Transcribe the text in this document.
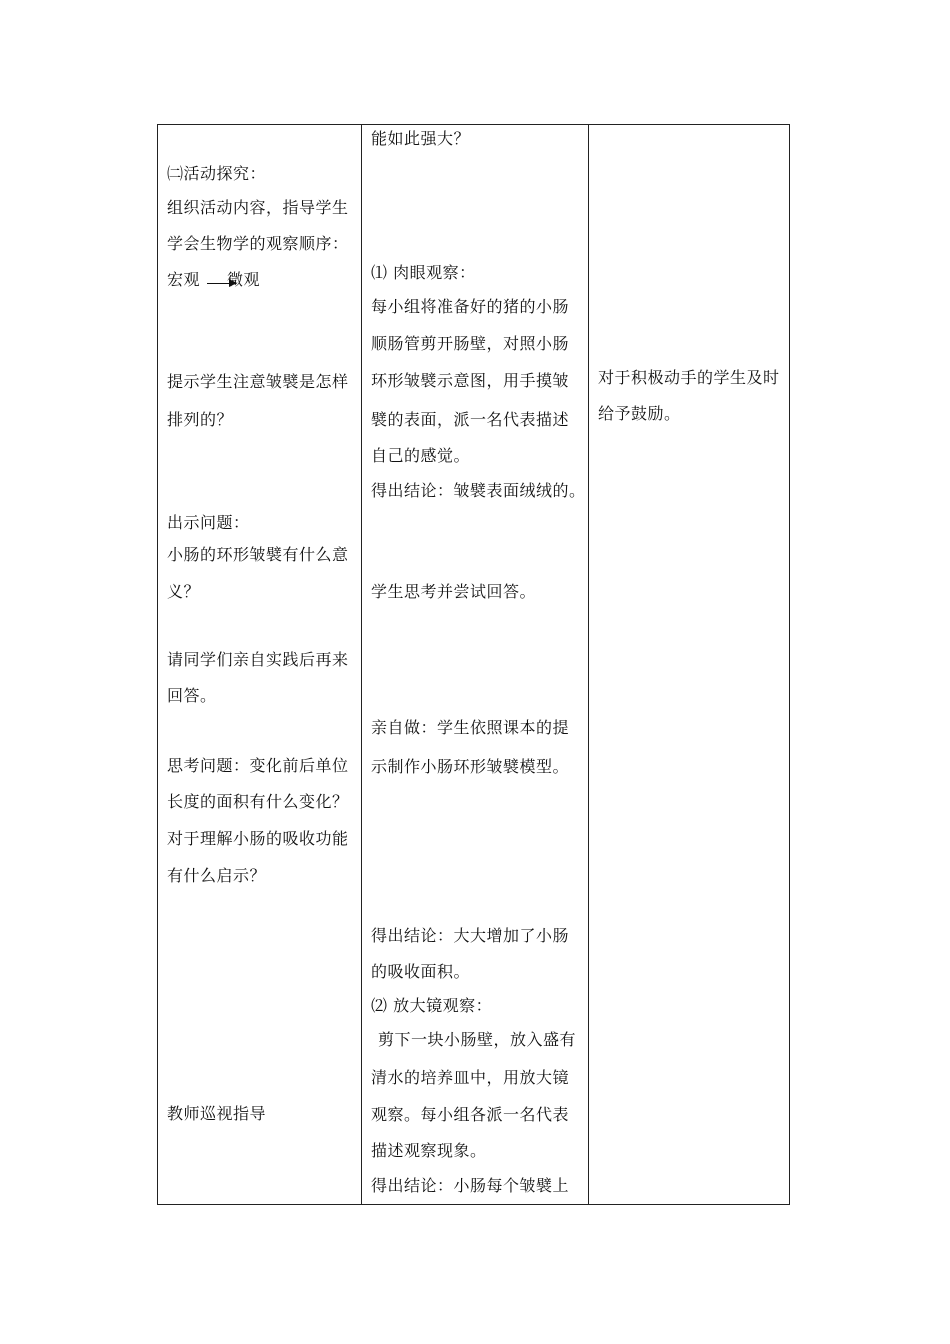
㈡活动探究：
组织活动内容，指导学生
学会生物学的观察顺序：
宏观 微观
提示学生注意皱襞是怎样
排列的？
出示问题：
小肠的环形皱襞有什么意
义？
请同学们亲自实践后再来
回答。
思考问题：变化前后单位
长度的面积有什么变化？
对于理解小肠的吸收功能
有什么启示？
教师巡视指导
能如此强大？
⑴ 肉眼观察：
每小组将准备好的猪的小肠
顺肠管剪开肠壁，对照小肠
环形皱襞示意图，用手摸皱
襞的表面，派一名代表描述
自己的感觉。
得出结论：皱襞表面绒绒的。
学生思考并尝试回答。
亲自做：学生依照课本的提
示制作小肠环形皱襞模型。
得出结论：大大增加了小肠
的吸收面积。
⑵ 放大镜观察：
剪下一块小肠壁，放入盛有
清水的培养皿中，用放大镜
观察。每小组各派一名代表
描述观察现象。
得出结论：小肠每个皱襞上
对于积极动手的学生及时
给予鼓励。
